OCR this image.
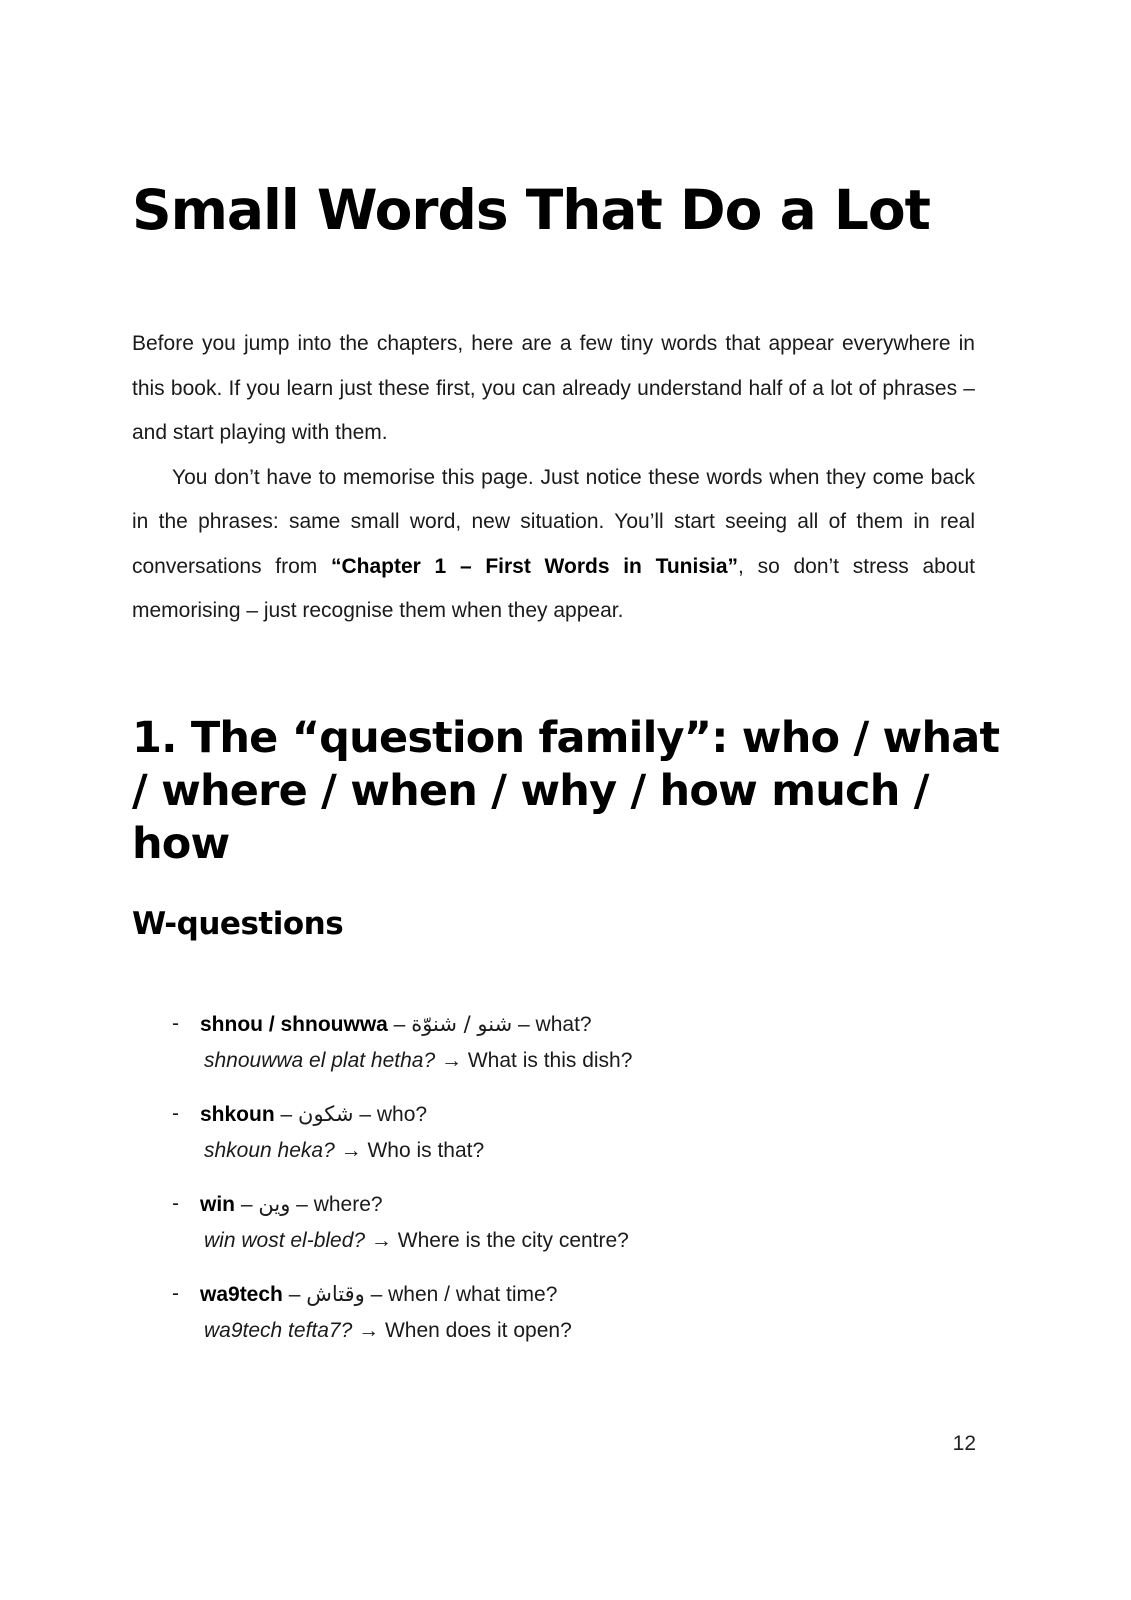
Small Words That Do a Lot

Before you jump into the chapters, here are a few tiny words that appear everywhere in this book. If you learn just these first, you can already understand half of a lot of phrases – and start playing with them.

You don’t have to memorise this page. Just notice these words when they come back in the phrases: same small word, new situation. You’ll start seeing all of them in real conversations from “Chapter 1 – First Words in Tunisia”, so don’t stress about memorising – just recognise them when they appear.

1. The “question family”: who / what / where / when / why / how much / how
W-questions
- shnou / shnouwwa – شنو / شنوّة – what?
shnouwwa el plat hetha? → What is this dish?
- shkoun – شكون – who?
shkoun heka? → Who is that?
- win – وين – where?
win wost el-bled? → Where is the city centre?
- wa9tech – وقتاش – when / what time?
wa9tech tefta7? → When does it open?
12
